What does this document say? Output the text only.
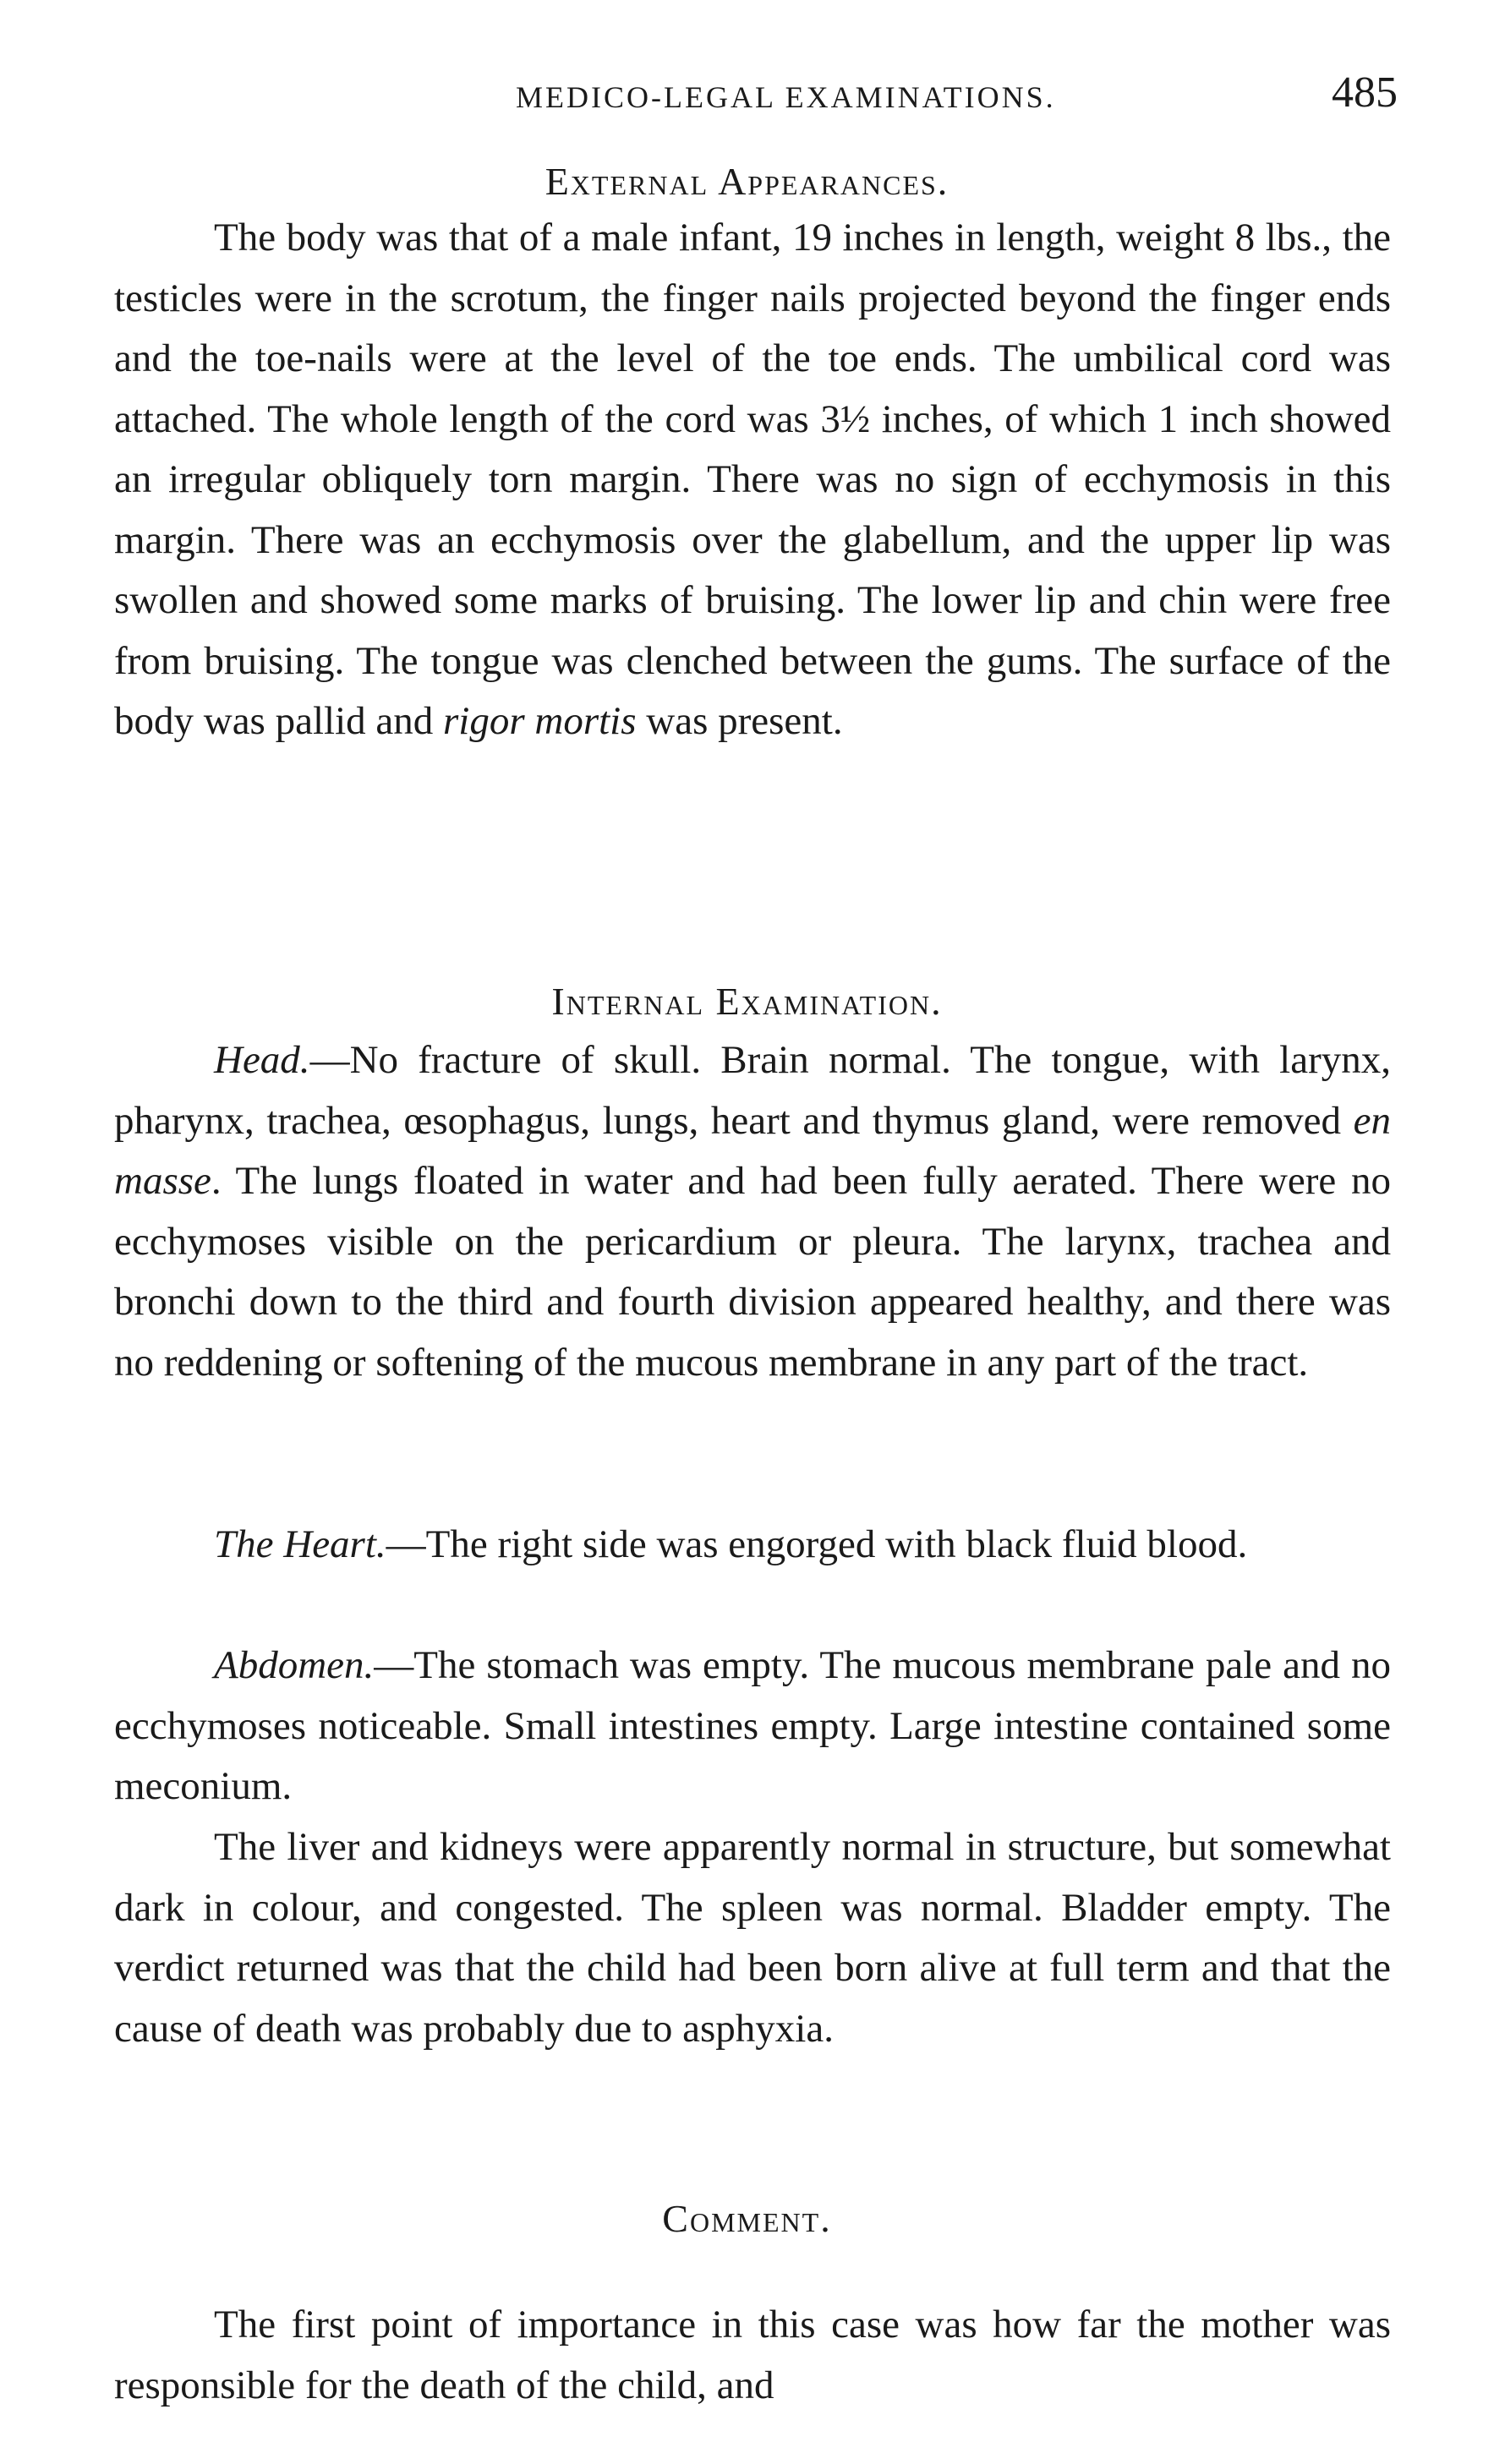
MEDICO-LEGAL EXAMINATIONS.	485
External Appearances.

The body was that of a male infant, 19 inches in length, weight 8 lbs., the testicles were in the scrotum, the finger nails projected beyond the finger ends and the toe-nails were at the level of the toe ends. The umbilical cord was attached. The whole length of the cord was 3½ inches, of which 1 inch showed an irregular obliquely torn margin. There was no sign of ecchymosis in this margin. There was an ecchymosis over the glabellum, and the upper lip was swollen and showed some marks of bruising. The lower lip and chin were free from bruising. The tongue was clenched between the gums. The surface of the body was pallid and rigor mortis was present.

Internal Examination.

Head.—No fracture of skull. Brain normal. The tongue, with larynx, pharynx, trachea, œsophagus, lungs, heart and thymus gland, were removed en masse. The lungs floated in water and had been fully aerated. There were no ecchymoses visible on the pericardium or pleura. The larynx, trachea and bronchi down to the third and fourth division appeared healthy, and there was no reddening or softening of the mucous membrane in any part of the tract.

The Heart.—The right side was engorged with black fluid blood.

Abdomen.—The stomach was empty. The mucous membrane pale and no ecchymoses noticeable. Small intestines empty. Large intestine contained some meconium.

The liver and kidneys were apparently normal in structure, but somewhat dark in colour, and congested. The spleen was normal. Bladder empty. The verdict returned was that the child had been born alive at full term and that the cause of death was probably due to asphyxia.

Comment.

The first point of importance in this case was how far the mother was responsible for the death of the child, and
